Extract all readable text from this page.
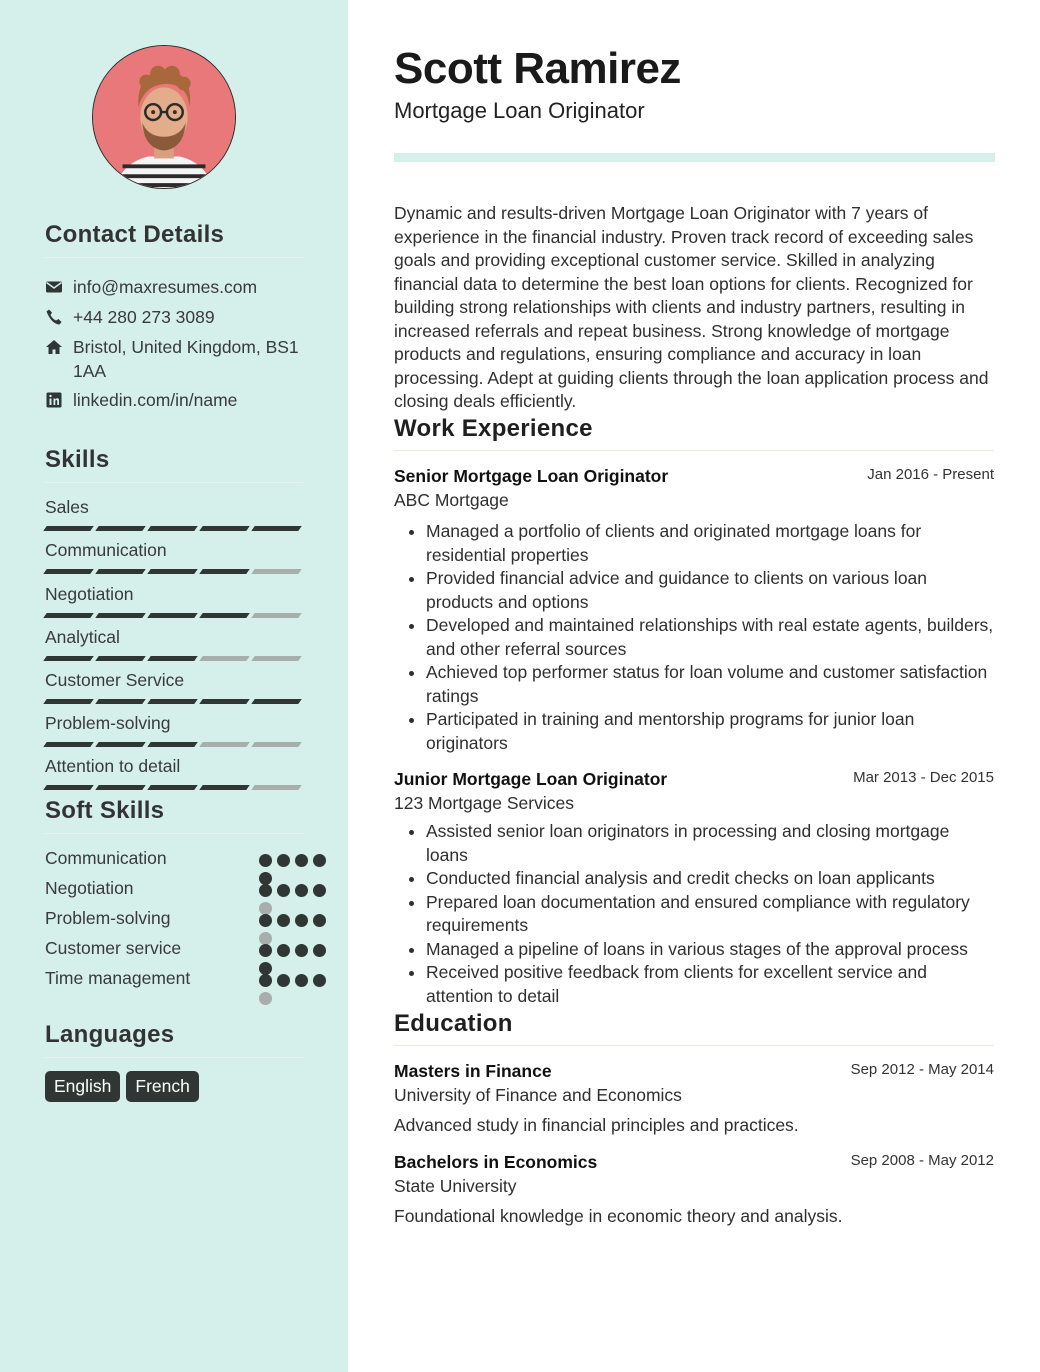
Contact Details
info@maxresumes.com
+44 280 273 3089
Bristol, United Kingdom, BS1 1AA
linkedin.com/in/name
Skills
Sales
Communication
Negotiation
Analytical
Customer Service
Problem-solving
Attention to detail
Soft Skills
Communication
Negotiation
Problem-solving
Customer service
Time management
Languages
English	French
Scott Ramirez
Mortgage Loan Originator
Dynamic and results-driven Mortgage Loan Originator with 7 years of experience in the financial industry. Proven track record of exceeding sales goals and providing exceptional customer service. Skilled in analyzing financial data to determine the best loan options for clients. Recognized for building strong relationships with clients and industry partners, resulting in increased referrals and repeat business. Strong knowledge of mortgage products and regulations, ensuring compliance and accuracy in loan processing. Adept at guiding clients through the loan application process and closing deals efficiently.
Work Experience
Senior Mortgage Loan Originator	Jan 2016 - Present
ABC Mortgage
• Managed a portfolio of clients and originated mortgage loans for residential properties
• Provided financial advice and guidance to clients on various loan products and options
• Developed and maintained relationships with real estate agents, builders, and other referral sources
• Achieved top performer status for loan volume and customer satisfaction ratings
• Participated in training and mentorship programs for junior loan originators
Junior Mortgage Loan Originator	Mar 2013 - Dec 2015
123 Mortgage Services
• Assisted senior loan originators in processing and closing mortgage loans
• Conducted financial analysis and credit checks on loan applicants
• Prepared loan documentation and ensured compliance with regulatory requirements
• Managed a pipeline of loans in various stages of the approval process
• Received positive feedback from clients for excellent service and attention to detail
Education
Masters in Finance	Sep 2012 - May 2014
University of Finance and Economics
Advanced study in financial principles and practices.
Bachelors in Economics	Sep 2008 - May 2012
State University
Foundational knowledge in economic theory and analysis.
